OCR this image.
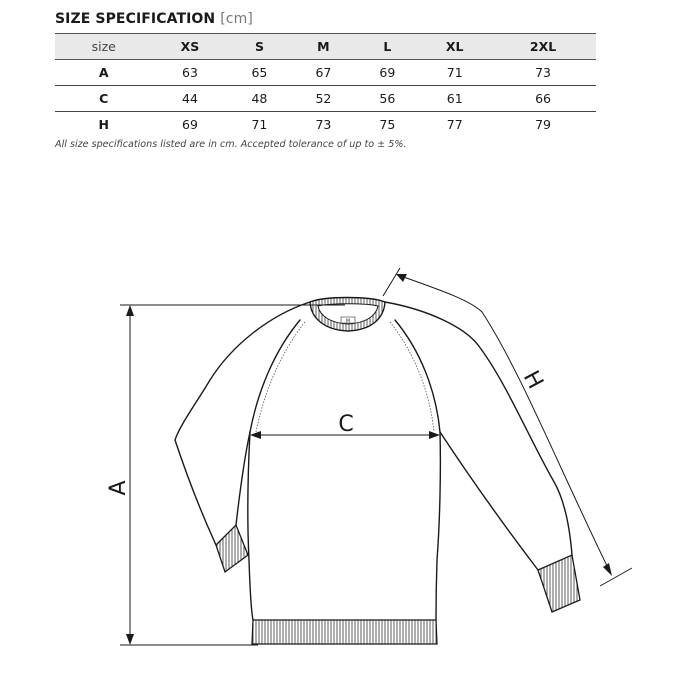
SIZE SPECIFICATION [cm]
size	XS	S	M	L	XL	2XL
A	63	65	67	69	71	73
C	44	48	52	56	61	66
H	69	71	73	75	77	79
All size specifications listed are in cm. Accepted tolerance of up to ± 5%.
M
A
C
H
